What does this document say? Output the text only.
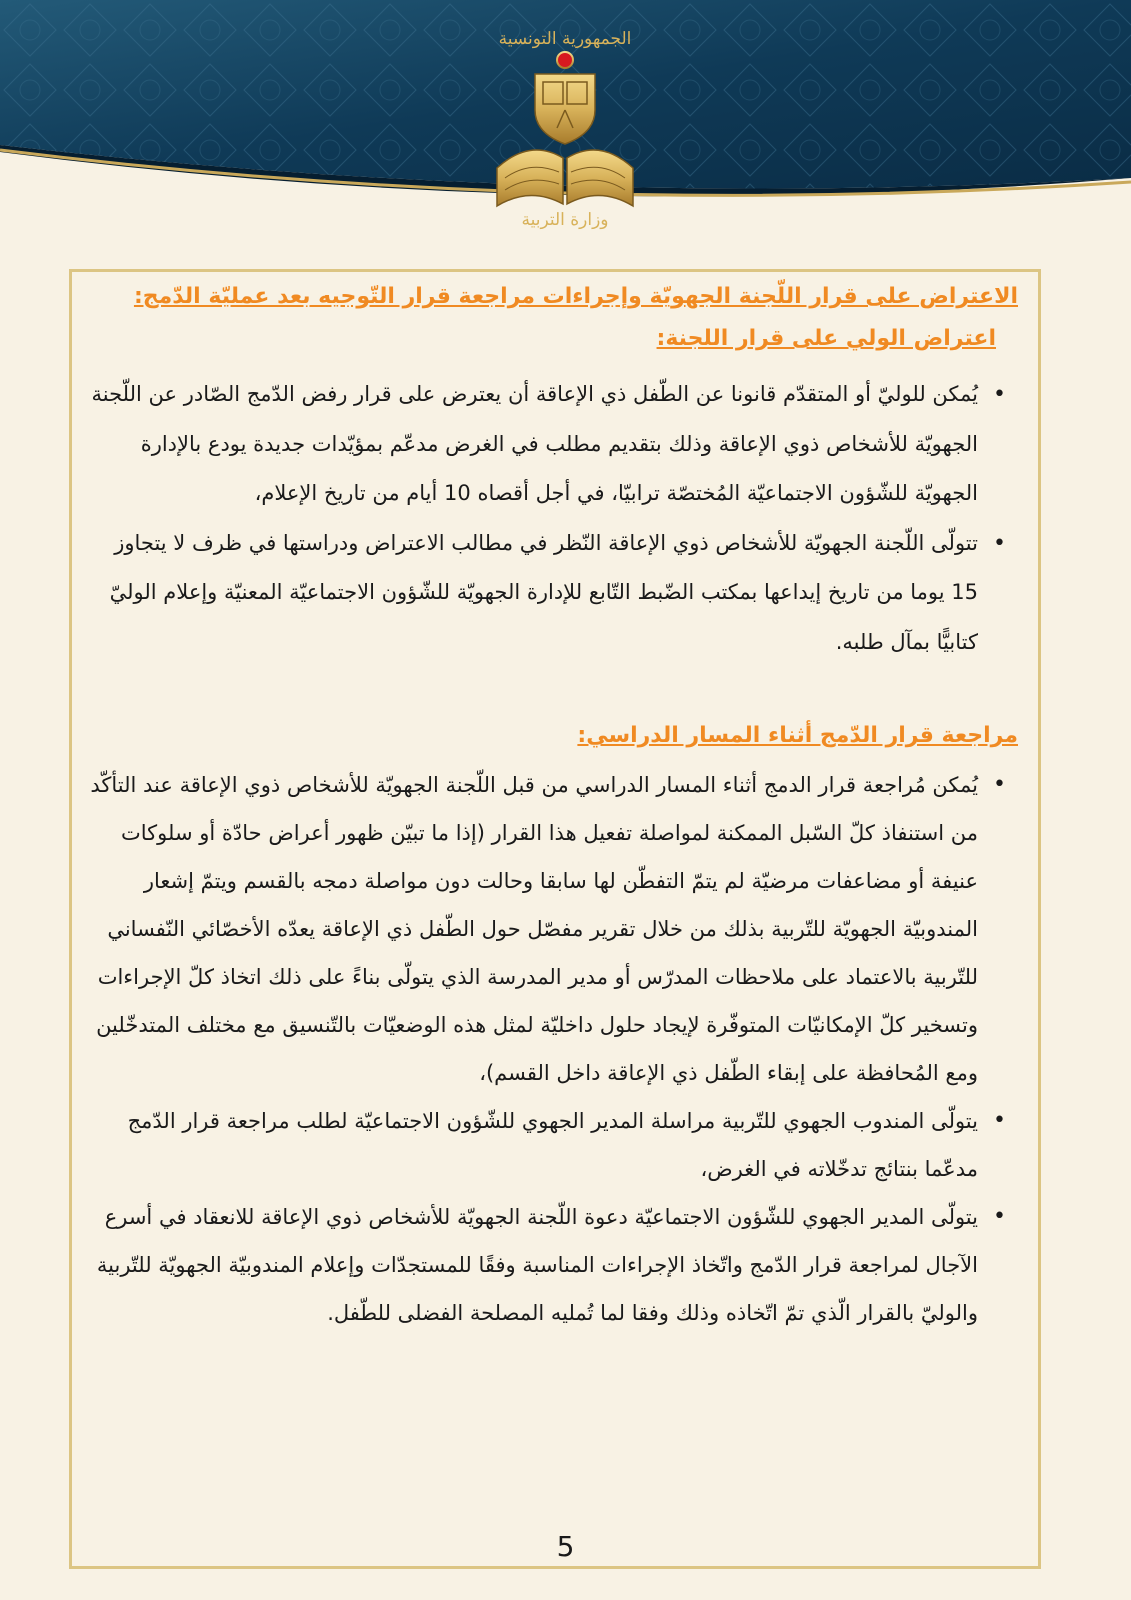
الجمهورية التونسية
وزارة التربية

الاعتراض على قرار اللّجنة الجهويّة وإجراءات مراجعة قرار التّوجيه بعد عمليّة الدّمج:

اعتراض الولي على قرار اللجنة:

• يُمكن للوليّ أو المتقدّم قانونا عن الطّفل ذي الإعاقة أن يعترض على قرار رفض الدّمج الصّادر عن اللّجنة الجهويّة للأشخاص ذوي الإعاقة وذلك بتقديم مطلب في الغرض مدعّم بمؤيّدات جديدة يودع بالإدارة الجهويّة للشّؤون الاجتماعيّة المُختصّة ترابيّا، في أجل أقصاه 10 أيام من تاريخ الإعلام،
• تتولّى اللّجنة الجهويّة للأشخاص ذوي الإعاقة النّظر في مطالب الاعتراض ودراستها في ظرف لا يتجاوز 15 يوما من تاريخ إيداعها بمكتب الضّبط التّابع للإدارة الجهويّة للشّؤون الاجتماعيّة المعنيّة وإعلام الوليّ كتابيًّا بمآل طلبه.

مراجعة قرار الدّمج أثناء المسار الدراسي:

• يُمكن مُراجعة قرار الدمج أثناء المسار الدراسي من قبل اللّجنة الجهويّة للأشخاص ذوي الإعاقة عند التأكّد من استنفاذ كلّ السّبل الممكنة لمواصلة تفعيل هذا القرار (إذا ما تبيّن ظهور أعراض حادّة أو سلوكات عنيفة أو مضاعفات مرضيّة لم يتمّ التفطّن لها سابقا وحالت دون مواصلة دمجه بالقسم ويتمّ إشعار المندوبيّة الجهويّة للتّربية بذلك من خلال تقرير مفصّل حول الطّفل ذي الإعاقة يعدّه الأخصّائي النّفساني للتّربية بالاعتماد على ملاحظات المدرّس أو مدير المدرسة الذي يتولّى بناءً على ذلك اتخاذ كلّ الإجراءات وتسخير كلّ الإمكانيّات المتوفّرة لإيجاد حلول داخليّة لمثل هذه الوضعيّات بالتّنسيق مع مختلف المتدخّلين ومع المُحافظة على إبقاء الطّفل ذي الإعاقة داخل القسم)،
• يتولّى المندوب الجهوي للتّربية مراسلة المدير الجهوي للشّؤون الاجتماعيّة لطلب مراجعة قرار الدّمج مدعّما بنتائج تدخّلاته في الغرض،
• يتولّى المدير الجهوي للشّؤون الاجتماعيّة دعوة اللّجنة الجهويّة للأشخاص ذوي الإعاقة للانعقاد في أسرع الآجال لمراجعة قرار الدّمج واتّخاذ الإجراءات المناسبة وفقًا للمستجدّات وإعلام المندوبيّة الجهويّة للتّربية والوليّ بالقرار الّذي تمّ اتّخاذه وذلك وفقا لما تُمليه المصلحة الفضلى للطّفل.
5
